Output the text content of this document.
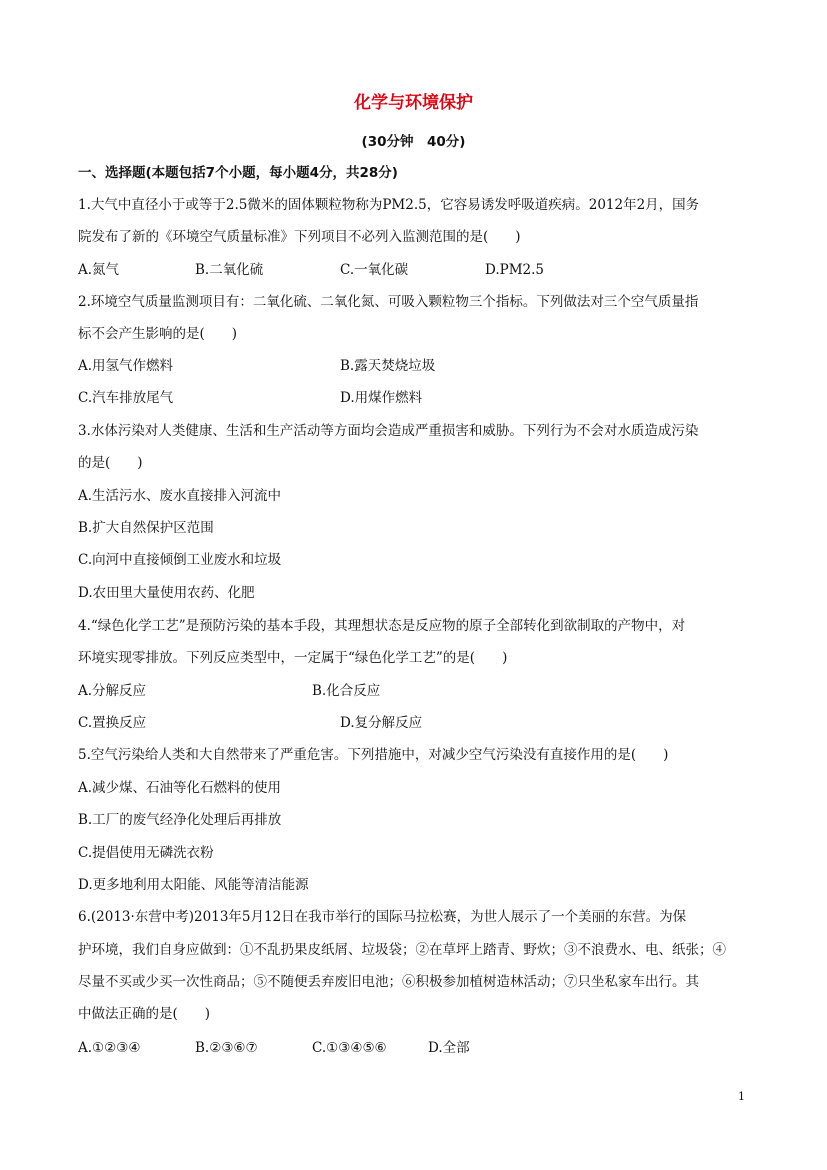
化学与环境保护
(30分钟　40分)
一、选择题(本题包括7个小题，每小题4分，共28分)
1.大气中直径小于或等于2.5微米的固体颗粒物称为PM2.5，它容易诱发呼吸道疾病。2012年2月，国务
院发布了新的《环境空气质量标准》下列项目不必列入监测范围的是(　　)
A.氮气	B.二氧化硫	C.一氧化碳	D.PM2.5
2.环境空气质量监测项目有：二氧化硫、二氧化氮、可吸入颗粒物三个指标。下列做法对三个空气质量指
标不会产生影响的是(　　)
A.用氢气作燃料	B.露天焚烧垃圾
C.汽车排放尾气	D.用煤作燃料
3.水体污染对人类健康、生活和生产活动等方面均会造成严重损害和威胁。下列行为不会对水质造成污染
的是(　　)
A.生活污水、废水直接排入河流中
B.扩大自然保护区范围
C.向河中直接倾倒工业废水和垃圾
D.农田里大量使用农药、化肥
4.“绿色化学工艺”是预防污染的基本手段，其理想状态是反应物的原子全部转化到欲制取的产物中，对
环境实现零排放。下列反应类型中，一定属于“绿色化学工艺”的是(　　)
A.分解反应	B.化合反应
C.置换反应	D.复分解反应
5.空气污染给人类和大自然带来了严重危害。下列措施中，对减少空气污染没有直接作用的是(　　)
A.减少煤、石油等化石燃料的使用
B.工厂的废气经净化处理后再排放
C.提倡使用无磷洗衣粉
D.更多地利用太阳能、风能等清洁能源
6.(2013·东营中考)2013年5月12日在我市举行的国际马拉松赛，为世人展示了一个美丽的东营。为保
护环境，我们自身应做到：①不乱扔果皮纸屑、垃圾袋；②在草坪上踏青、野炊；③不浪费水、电、纸张；④
尽量不买或少买一次性商品；⑤不随便丢弃废旧电池；⑥积极参加植树造林活动；⑦只坐私家车出行。其
中做法正确的是(　　)
A.①②③④	B.②③⑥⑦	C.①③④⑤⑥	D.全部
1
